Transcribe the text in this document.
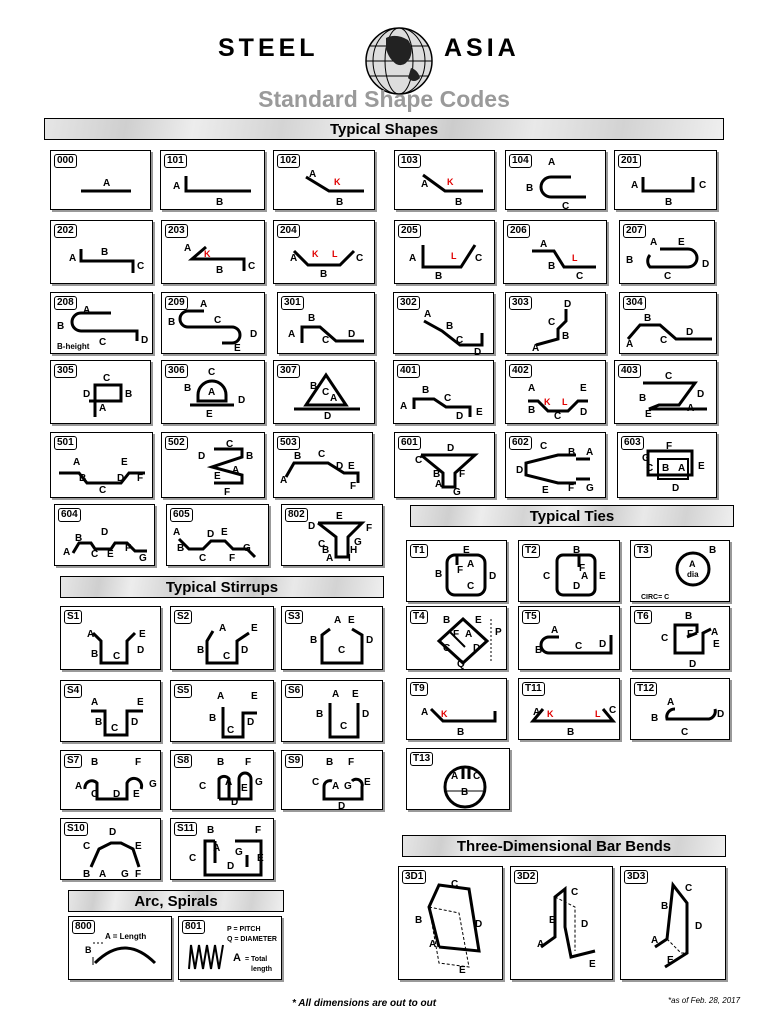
STEEL	ASIA
Standard Shape Codes
Typical Shapes
Typical Ties
Typical Stirrups
Three-Dimensional Bar Bends
Arc, Spirals
A
000
A
B
101
A
K
B
102
A K
B
103	A
B
C
104
A	C
B
201
A
B
C
202
A K
B C
203
A K L C
B
204
A	L C
B
205
A
B
L
C
206
A E
B
C
D
207
A
B
C	D
B-height
208	A
B	C
D
E
209
A
B
C
D
301
A
B
C
D
302	D
C
B
A
303
A
B
C
D
304
C
D	B
A
305	C
B A
D
E
306
C
B
A
D
307
A
B
C
D E
401
A	E
B
K L
C D
402
C
B	D
E
A
403
A
B
C
D
E
F
501	C
D	B
A
E
F
502
A
B C
D E
F
503
D
C
B
A
F
G
601	C
B A
D
E F G
602	F
G
C B A E
D
603
A
B
C
D
E
F
G
604
A
B
C
D E
F
G
605	E
D	F
C
B
A
G
H
I
802
A
B C
D
E
S1
A
B
C
D
E
S2	A E
B
C
D
S3
A	E
B
C
D
S4
A	E
B
C
D
S5	A E
B
C
D
S6
B	F
A
C D E
G
S7	B F
C A G
D
E
S8	B F
C A G E
D
S9
D
C	E
B A G F
S10	B	F
C
A G
D
E
S11
B
A = Length
800	P = PITCH
Q = DIAMETER
A = Total
length
801
E
B F
A
D
C
T1	B
C
F
A E
D
T2	B
A
dia
CIRC= C
T3
B E
P
F A
C D
Q
T4
A
B	C D
T5	B
C F A
E
D
T6
A K
B
T9
A K	L C
B
T11
A
B	D
C
T12
A C
B
T13
B
C
D
A
E
3D1
C
B D
A
E
3D2
C
B
D
A
E
3D3
* All dimensions are out to out	*as of Feb. 28, 2017
